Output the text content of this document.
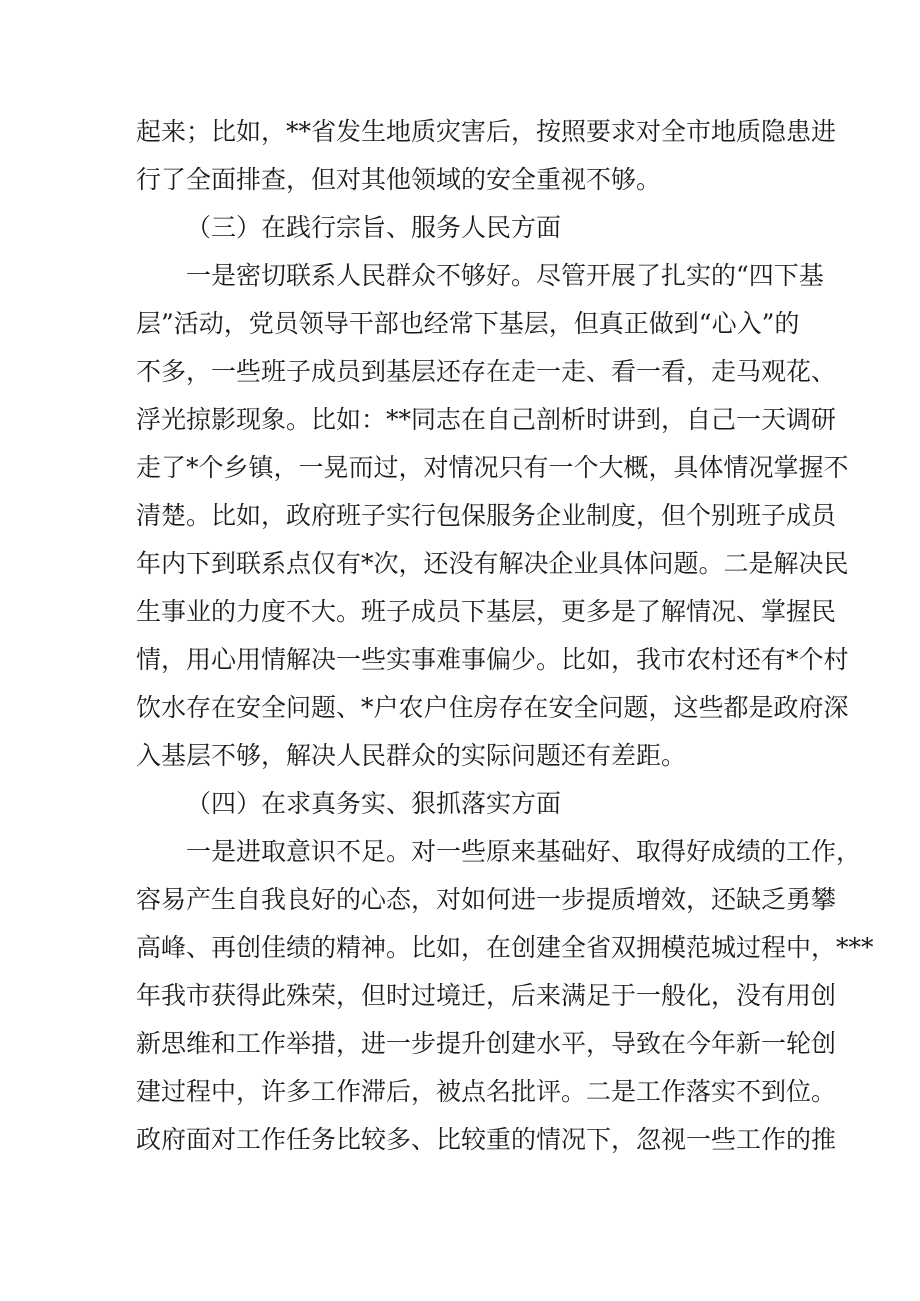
起来；比如，**省发生地质灾害后，按照要求对全市地质隐患进
行了全面排查，但对其他领域的安全重视不够。
（三）在践行宗旨、服务人民方面
一是密切联系人民群众不够好。尽管开展了扎实的“四下基
层”活动，党员领导干部也经常下基层，但真正做到“心入”的
不多，一些班子成员到基层还存在走一走、看一看，走马观花、
浮光掠影现象。比如：**同志在自己剖析时讲到，自己一天调研
走了*个乡镇，一晃而过，对情况只有一个大概，具体情况掌握不
清楚。比如，政府班子实行包保服务企业制度，但个别班子成员
年内下到联系点仅有*次，还没有解决企业具体问题。二是解决民
生事业的力度不大。班子成员下基层，更多是了解情况、掌握民
情，用心用情解决一些实事难事偏少。比如，我市农村还有*个村
饮水存在安全问题、*户农户住房存在安全问题，这些都是政府深
入基层不够，解决人民群众的实际问题还有差距。
（四）在求真务实、狠抓落实方面
一是进取意识不足。对一些原来基础好、取得好成绩的工作，
容易产生自我良好的心态，对如何进一步提质增效，还缺乏勇攀
高峰、再创佳绩的精神。比如，在创建全省双拥模范城过程中，***
年我市获得此殊荣，但时过境迁，后来满足于一般化，没有用创
新思维和工作举措，进一步提升创建水平，导致在今年新一轮创
建过程中，许多工作滞后，被点名批评。二是工作落实不到位。
政府面对工作任务比较多、比较重的情况下，忽视一些工作的推
